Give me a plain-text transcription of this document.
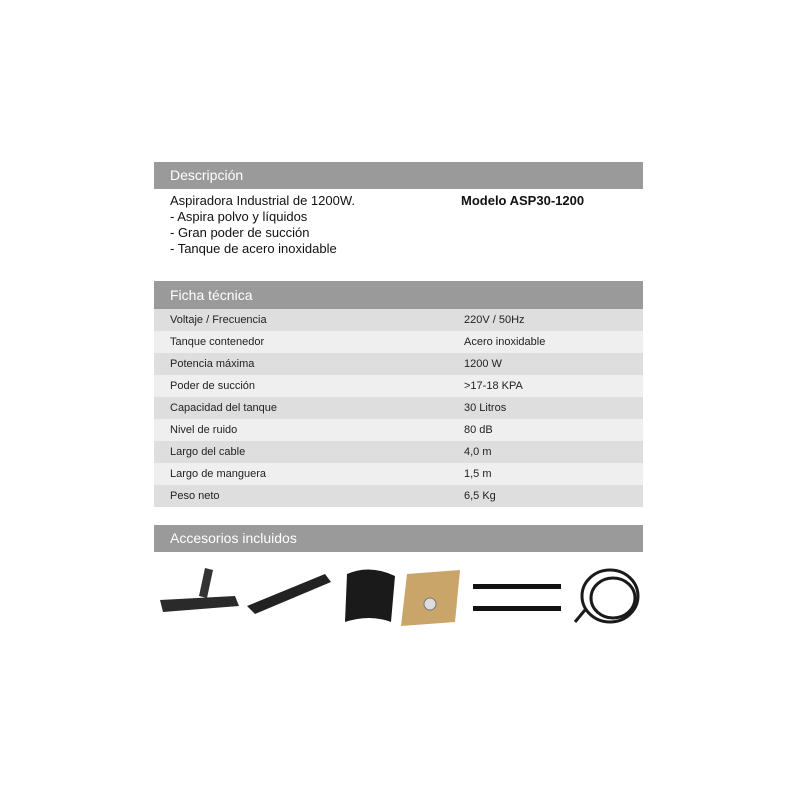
Descripción
Aspiradora Industrial de 1200W.
- Aspira polvo y líquidos
- Gran poder de succión
- Tanque de acero inoxidable
Modelo ASP30-1200
Ficha técnica
Voltaje / Frecuencia	220V / 50Hz
Tanque contenedor	Acero inoxidable
Potencia máxima	1200 W
Poder de succión	>17-18 KPA
Capacidad del tanque	30 Litros
Nivel de ruido	80 dB
Largo del cable	4,0 m
Largo de manguera	1,5 m
Peso neto	6,5 Kg
Accesorios incluidos
